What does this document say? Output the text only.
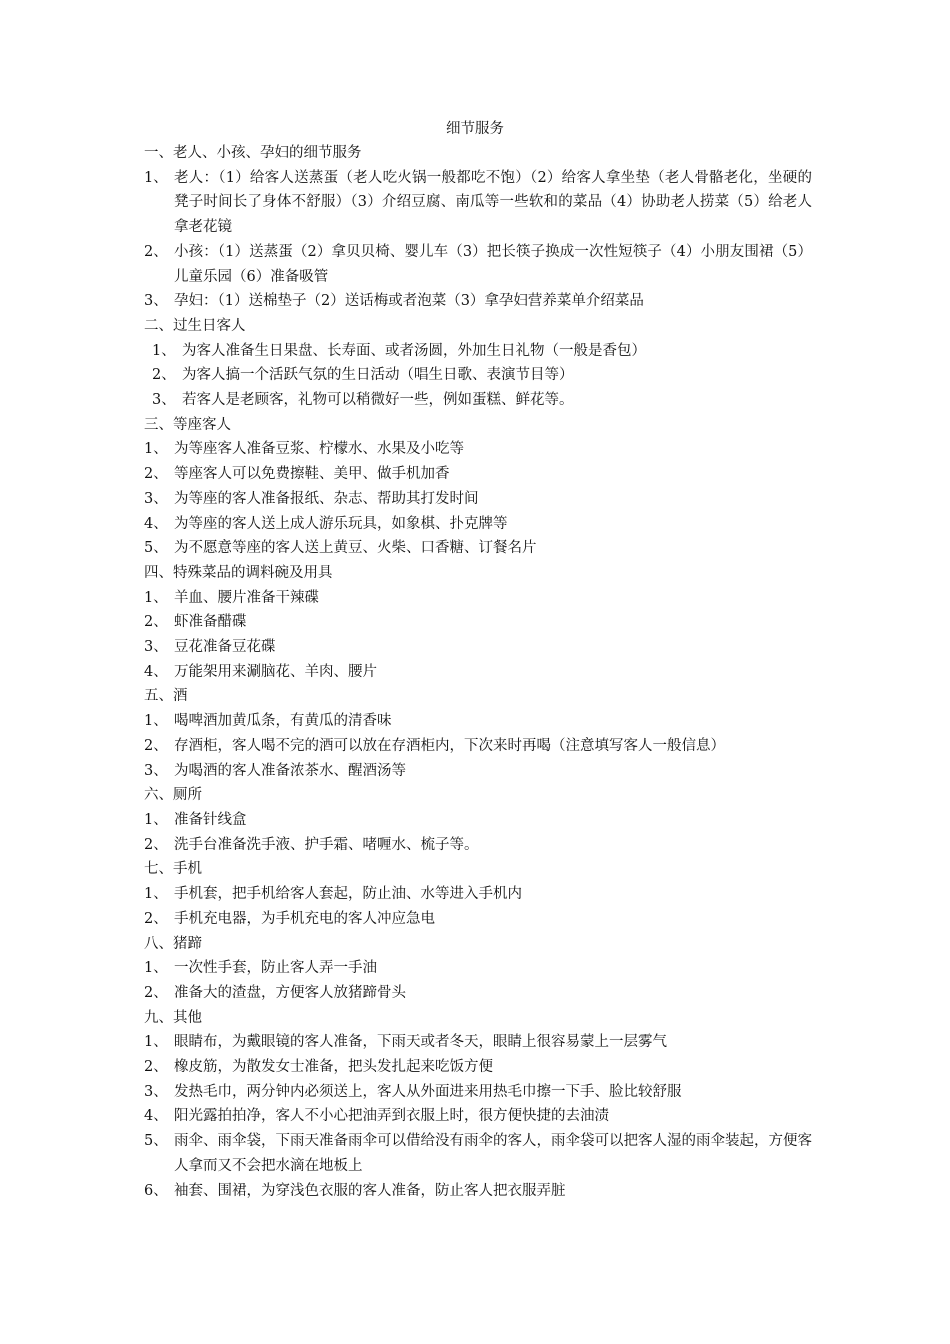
细节服务
一、老人、小孩、孕妇的细节服务
1、 老人：（1）给客人送蒸蛋（老人吃火锅一般都吃不饱）（2）给客人拿坐垫（老人骨骼老化，坐硬的凳子时间长了身体不舒服）（3）介绍豆腐、南瓜等一些软和的菜品（4）协助老人捞菜（5）给老人拿老花镜
2、 小孩：（1）送蒸蛋（2）拿贝贝椅、婴儿车（3）把长筷子换成一次性短筷子（4）小朋友围裙（5）儿童乐园（6）准备吸管
3、 孕妇：（1）送棉垫子（2）送话梅或者泡菜（3）拿孕妇营养菜单介绍菜品
二、过生日客人
1、 为客人准备生日果盘、长寿面、或者汤圆，外加生日礼物（一般是香包）
2、 为客人搞一个活跃气氛的生日活动（唱生日歌、表演节目等）
3、 若客人是老顾客，礼物可以稍微好一些，例如蛋糕、鲜花等。
三、等座客人
1、 为等座客人准备豆浆、柠檬水、水果及小吃等
2、 等座客人可以免费擦鞋、美甲、做手机加香
3、 为等座的客人准备报纸、杂志、帮助其打发时间
4、 为等座的客人送上成人游乐玩具，如象棋、扑克牌等
5、 为不愿意等座的客人送上黄豆、火柴、口香糖、订餐名片
四、特殊菜品的调料碗及用具
1、 羊血、腰片准备干辣碟
2、 虾准备醋碟
3、 豆花准备豆花碟
4、 万能架用来涮脑花、羊肉、腰片
五、酒
1、 喝啤酒加黄瓜条，有黄瓜的清香味
2、 存酒柜，客人喝不完的酒可以放在存酒柜内，下次来时再喝（注意填写客人一般信息）
3、 为喝酒的客人准备浓茶水、醒酒汤等
六、厕所
1、 准备针线盒
2、 洗手台准备洗手液、护手霜、啫喱水、梳子等。
七、手机
1、 手机套，把手机给客人套起，防止油、水等进入手机内
2、 手机充电器，为手机充电的客人冲应急电
八、猪蹄
1、 一次性手套，防止客人弄一手油
2、 准备大的渣盘，方便客人放猪蹄骨头
九、其他
1、 眼睛布，为戴眼镜的客人准备，下雨天或者冬天，眼睛上很容易蒙上一层雾气
2、 橡皮筋，为散发女士准备，把头发扎起来吃饭方便
3、 发热毛巾，两分钟内必须送上，客人从外面进来用热毛巾擦一下手、脸比较舒服
4、 阳光露拍拍净，客人不小心把油弄到衣服上时，很方便快捷的去油渍
5、 雨伞、雨伞袋，下雨天准备雨伞可以借给没有雨伞的客人，雨伞袋可以把客人湿的雨伞装起，方便客人拿而又不会把水滴在地板上
6、 袖套、围裙，为穿浅色衣服的客人准备，防止客人把衣服弄脏
